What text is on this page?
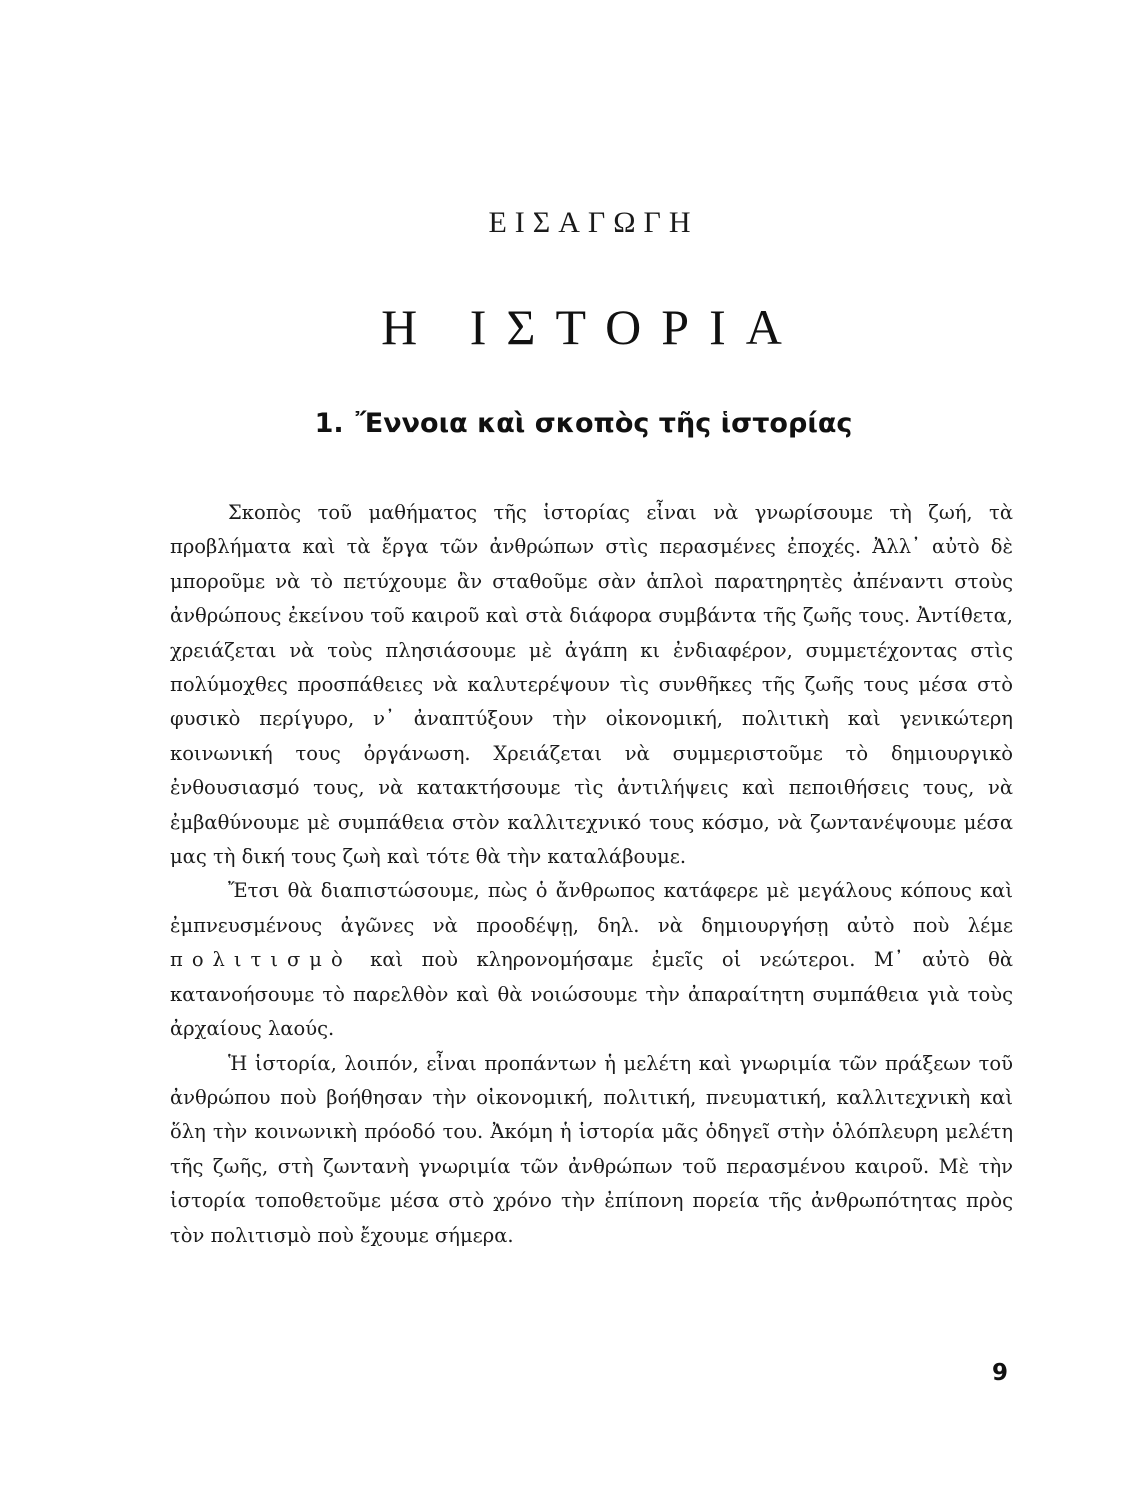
ΕΙΣΑΓΩΓΗ
Η ΙΣΤΟΡΙΑ
1. Ἔννοια καὶ σκοπὸς τῆς ἱστορίας

Σκοπὸς τοῦ μαθήματος τῆς ἱστορίας εἶναι νὰ γνωρίσουμε τὴ ζωή, τὰ προβλήματα καὶ τὰ ἔργα τῶν ἀνθρώπων στὶς περασμένες ἐποχές. Ἀλλ᾽ αὐτὸ δὲ μποροῦμε νὰ τὸ πετύχουμε ἂν σταθοῦμε σὰν ἁπλοὶ παρατηρητὲς ἀπέναντι στοὺς ἀνθρώπους ἐκείνου τοῦ καιροῦ καὶ στὰ διάφορα συμβάντα τῆς ζωῆς τους. Ἀντίθετα, χρειάζεται νὰ τοὺς πλησιάσουμε μὲ ἀγάπη κι ἐνδιαφέρον, συμμετέχοντας στὶς πολύμοχθες προσπάθειες νὰ καλυτερέψουν τὶς συνθῆκες τῆς ζωῆς τους μέσα στὸ φυσικὸ περίγυρο, ν᾽ ἀναπτύξουν τὴν οἰκονομική, πολιτικὴ καὶ γενικώτερη κοινωνική τους ὀργάνωση. Χρειάζεται νὰ συμμεριστοῦμε τὸ δημιουργικὸ ἐνθουσιασμό τους, νὰ κατακτήσουμε τὶς ἀντιλήψεις καὶ πεποιθήσεις τους, νὰ ἐμβαθύνουμε μὲ συμπάθεια στὸν καλλιτεχνικό τους κόσμο, νὰ ζωντανέψουμε μέσα μας τὴ δική τους ζωὴ καὶ τότε θὰ τὴν καταλάβουμε.

Ἔτσι θὰ διαπιστώσουμε, πὼς ὁ ἄνθρωπος κατάφερε μὲ μεγάλους κόπους καὶ ἐμπνευσμένους ἀγῶνες νὰ προοδέψῃ, δηλ. νὰ δημιουργήσῃ αὐτὸ ποὺ λέμε πολιτισμὸ καὶ ποὺ κληρονομήσαμε ἐμεῖς οἱ νεώτεροι. Μ᾽ αὐτὸ θὰ κατανοήσουμε τὸ παρελθὸν καὶ θὰ νοιώσουμε τὴν ἀπαραίτητη συμπάθεια γιὰ τοὺς ἀρχαίους λαούς.

Ἡ ἱστορία, λοιπόν, εἶναι προπάντων ἡ μελέτη καὶ γνωριμία τῶν πράξεων τοῦ ἀνθρώπου ποὺ βοήθησαν τὴν οἰκονομική, πολιτική, πνευματική, καλλιτεχνικὴ καὶ ὅλη τὴν κοινωνικὴ πρόοδό του. Ἀκόμη ἡ ἱστορία μᾶς ὁδηγεῖ στὴν ὁλόπλευρη μελέτη τῆς ζωῆς, στὴ ζωντανὴ γνωριμία τῶν ἀνθρώπων τοῦ περασμένου καιροῦ. Μὲ τὴν ἱστορία τοποθετοῦμε μέσα στὸ χρόνο τὴν ἐπίπονη πορεία τῆς ἀνθρωπότητας πρὸς τὸν πολιτισμὸ ποὺ ἔχουμε σήμερα.

9
